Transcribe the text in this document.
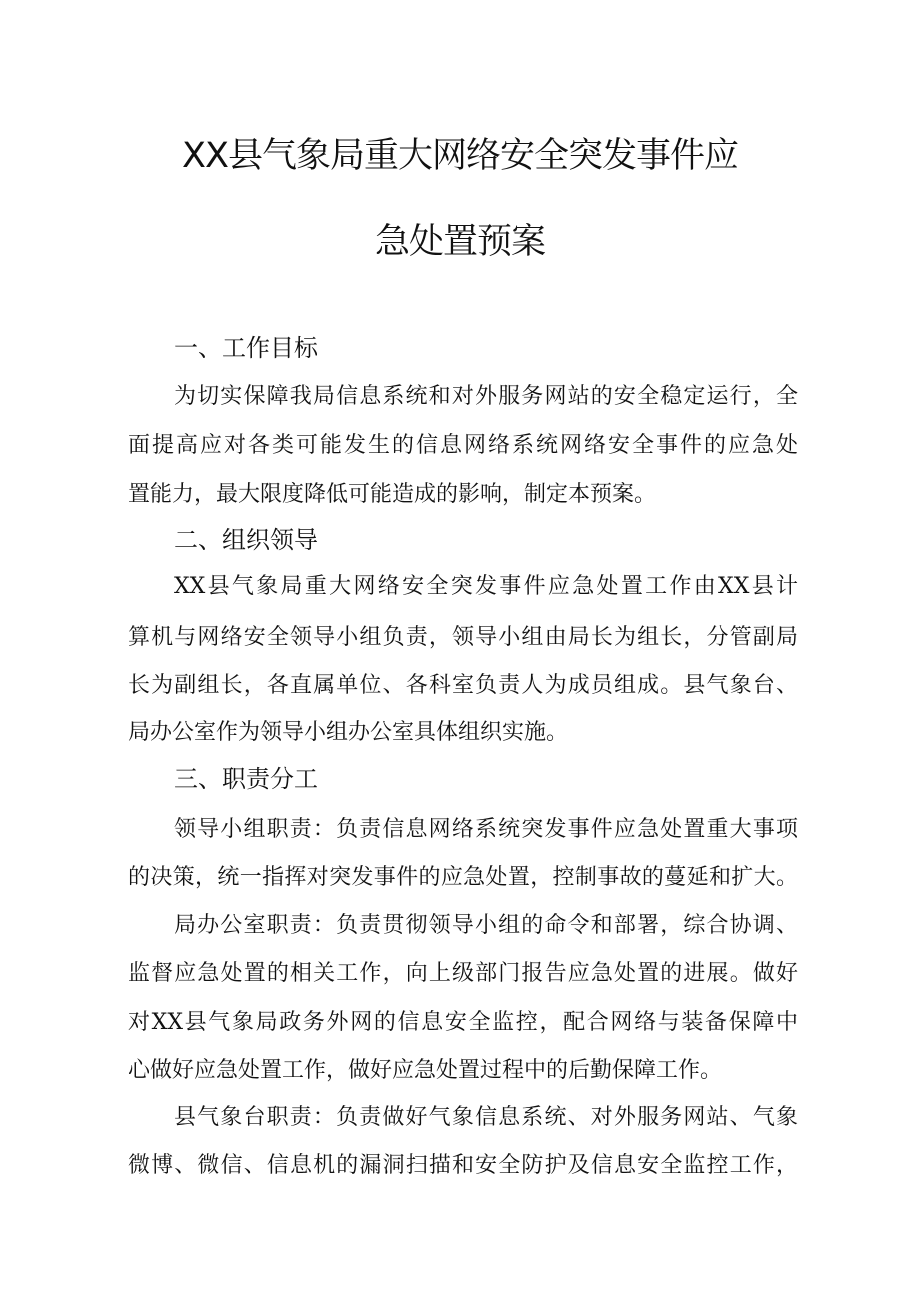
XX县气象局重大网络安全突发事件应
急处置预案
一、工作目标
为切实保障我局信息系统和对外服务网站的安全稳定运行，全
面提高应对各类可能发生的信息网络系统网络安全事件的应急处
置能力，最大限度降低可能造成的影响，制定本预案。
二、组织领导
XX县气象局重大网络安全突发事件应急处置工作由XX县计
算机与网络安全领导小组负责，领导小组由局长为组长，分管副局
长为副组长，各直属单位、各科室负责人为成员组成。县气象台、
局办公室作为领导小组办公室具体组织实施。
三、职责分工
领导小组职责：负责信息网络系统突发事件应急处置重大事项
的决策，统一指挥对突发事件的应急处置，控制事故的蔓延和扩大。
局办公室职责：负责贯彻领导小组的命令和部署，综合协调、
监督应急处置的相关工作，向上级部门报告应急处置的进展。做好
对XX县气象局政务外网的信息安全监控，配合网络与装备保障中
心做好应急处置工作，做好应急处置过程中的后勤保障工作。
县气象台职责：负责做好气象信息系统、对外服务网站、气象
微博、微信、信息机的漏洞扫描和安全防护及信息安全监控工作，
